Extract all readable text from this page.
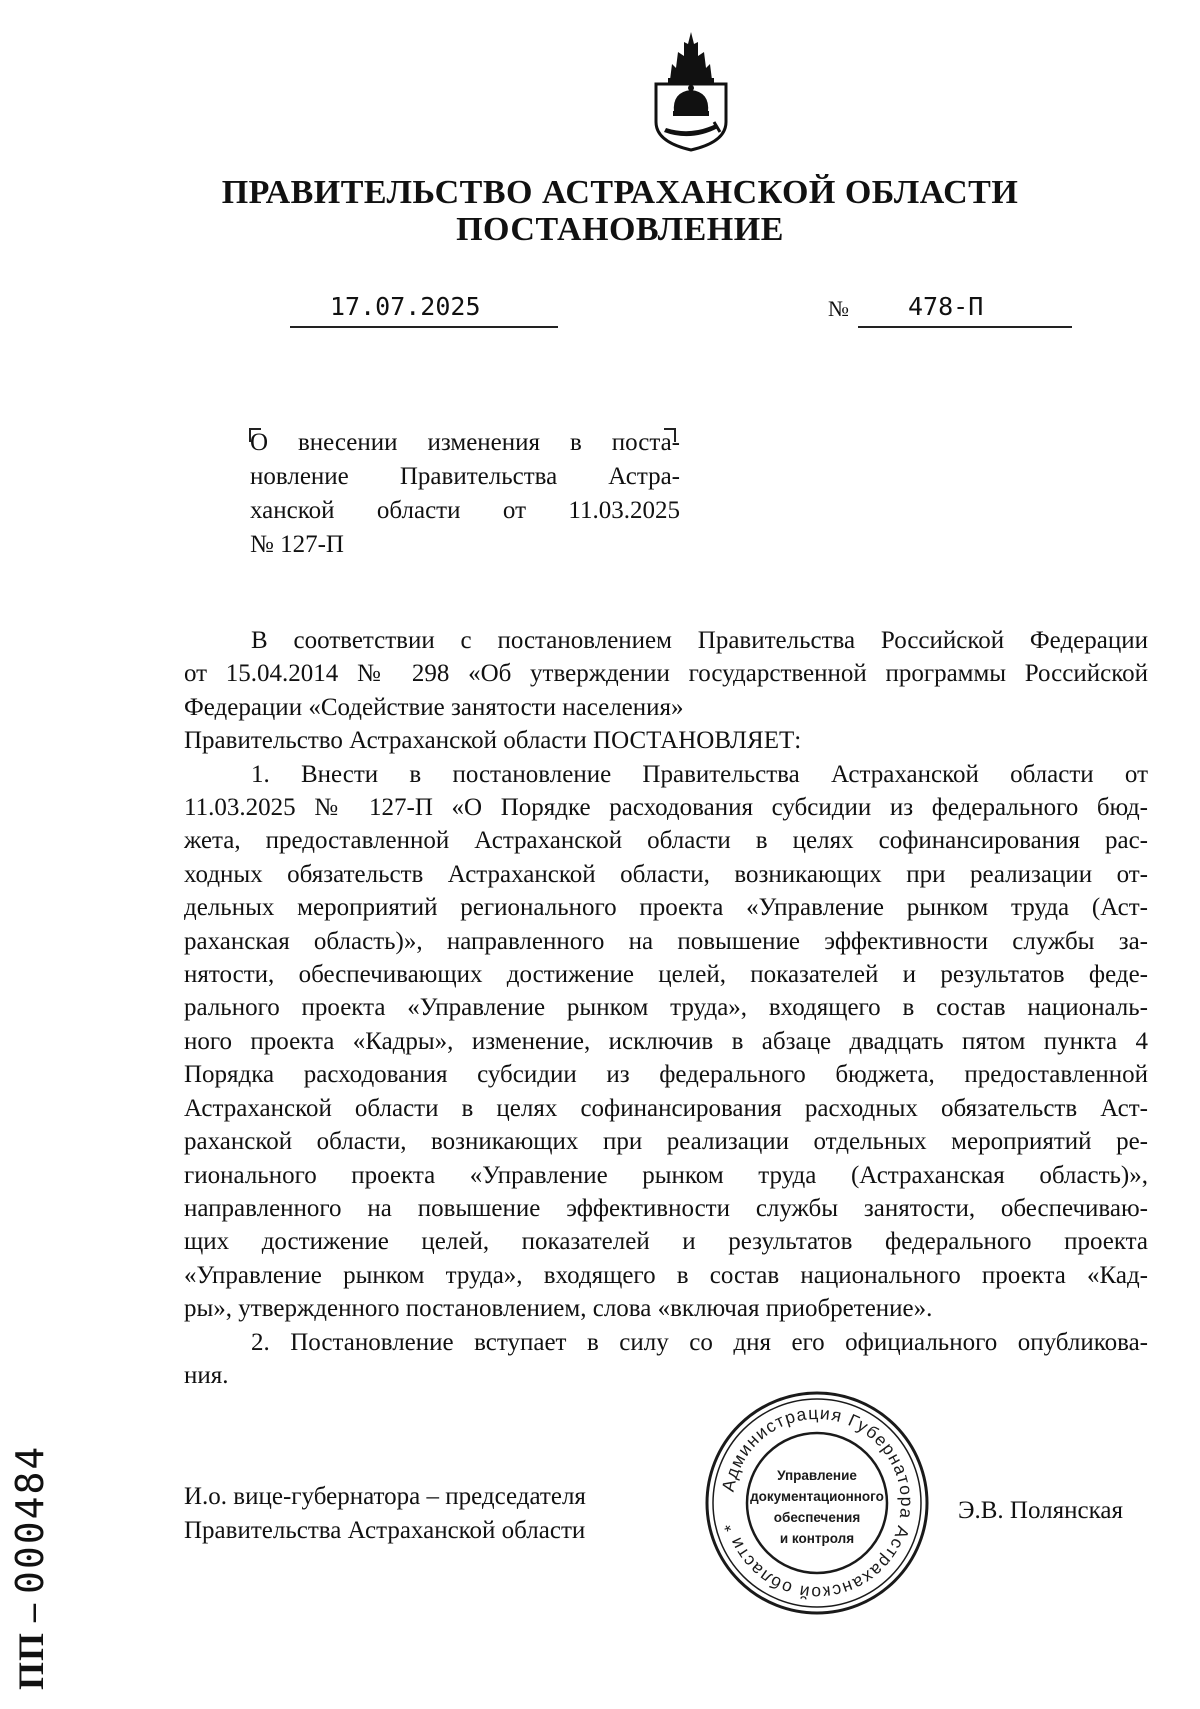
ПРАВИТЕЛЬСТВО АСТРАХАНСКОЙ ОБЛАСТИ
ПОСТАНОВЛЕНИЕ
17.07.2025	№ 478-П
О внесении изменения в поста-
новление Правительства Астра-
ханской области от 11.03.2025
№ 127-П
В соответствии с постановлением Правительства Российской Федерации
от 15.04.2014 № 298 «Об утверждении государственной программы Российской
Федерации «Содействие занятости населения»
Правительство Астраханской области ПОСТАНОВЛЯЕТ:
1. Внести в постановление Правительства Астраханской области от
11.03.2025 № 127-П «О Порядке расходования субсидии из федерального бюд-
жета, предоставленной Астраханской области в целях софинансирования рас-
ходных обязательств Астраханской области, возникающих при реализации от-
дельных мероприятий регионального проекта «Управление рынком труда (Аст-
раханская область)», направленного на повышение эффективности службы за-
нятости, обеспечивающих достижение целей, показателей и результатов феде-
рального проекта «Управление рынком труда», входящего в состав националь-
ного проекта «Кадры», изменение, исключив в абзаце двадцать пятом пункта 4
Порядка расходования субсидии из федерального бюджета, предоставленной
Астраханской области в целях софинансирования расходных обязательств Аст-
раханской области, возникающих при реализации отдельных мероприятий ре-
гионального проекта «Управление рынком труда (Астраханская область)»,
направленного на повышение эффективности службы занятости, обеспечиваю-
щих достижение целей, показателей и результатов федерального проекта
«Управление рынком труда», входящего в состав национального проекта «Кад-
ры», утвержденного постановлением, слова «включая приобретение».
2. Постановление вступает в силу со дня его официального опубликова-
ния.
И.о. вице-губернатора – председателя
Правительства Астраханской области
Э.В. Полянская
Администрация Губернатора Астраханской области *
Управление
документационного
обеспечения
и контроля
ПП – 000484
